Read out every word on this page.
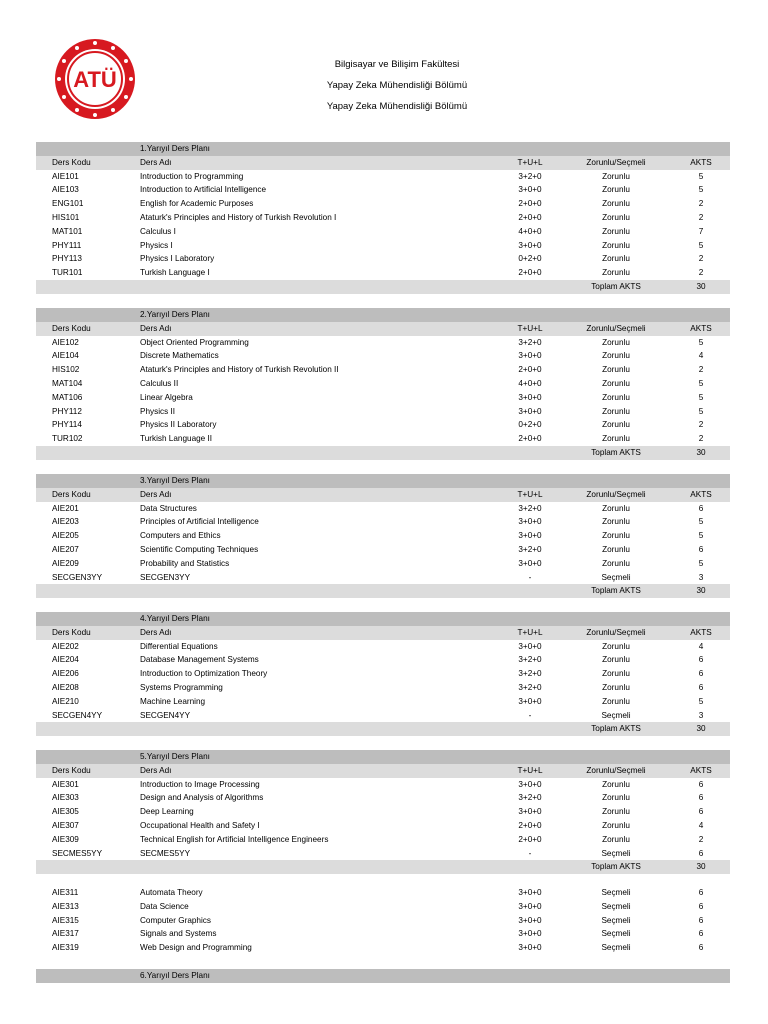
ATÜ
Bilgisayar ve Bilişim Fakültesi
Yapay Zeka Mühendisliği Bölümü
Yapay Zeka Mühendisliği Bölümü
1.Yarıyıl Ders Planı
Ders Kodu	Ders Adı	T+U+L	Zorunlu/Seçmeli	AKTS
AIE101	Introduction to Programming	3+2+0	Zorunlu	5
AIE103	Introduction to Artificial Intelligence	3+0+0	Zorunlu	5
ENG101	English for Academic Purposes	2+0+0	Zorunlu	2
HIS101	Ataturk's Principles and History of Turkish Revolution I	2+0+0	Zorunlu	2
MAT101	Calculus I	4+0+0	Zorunlu	7
PHY111	Physics I	3+0+0	Zorunlu	5
PHY113	Physics I Laboratory	0+2+0	Zorunlu	2
TUR101	Turkish Language I	2+0+0	Zorunlu	2
Toplam AKTS	30
2.Yarıyıl Ders Planı
Ders Kodu	Ders Adı	T+U+L	Zorunlu/Seçmeli	AKTS
AIE102	Object Oriented Programming	3+2+0	Zorunlu	5
AIE104	Discrete Mathematics	3+0+0	Zorunlu	4
HIS102	Ataturk's Principles and History of Turkish Revolution II	2+0+0	Zorunlu	2
MAT104	Calculus II	4+0+0	Zorunlu	5
MAT106	Linear Algebra	3+0+0	Zorunlu	5
PHY112	Physics II	3+0+0	Zorunlu	5
PHY114	Physics II Laboratory	0+2+0	Zorunlu	2
TUR102	Turkish Language II	2+0+0	Zorunlu	2
Toplam AKTS	30
3.Yarıyıl Ders Planı
Ders Kodu	Ders Adı	T+U+L	Zorunlu/Seçmeli	AKTS
AIE201	Data Structures	3+2+0	Zorunlu	6
AIE203	Principles of Artificial Intelligence	3+0+0	Zorunlu	5
AIE205	Computers and Ethics	3+0+0	Zorunlu	5
AIE207	Scientific Computing Techniques	3+2+0	Zorunlu	6
AIE209	Probability and Statistics	3+0+0	Zorunlu	5
SECGEN3YY	SECGEN3YY	-	Seçmeli	3
Toplam AKTS	30
4.Yarıyıl Ders Planı
Ders Kodu	Ders Adı	T+U+L	Zorunlu/Seçmeli	AKTS
AIE202	Differential Equations	3+0+0	Zorunlu	4
AIE204	Database Management Systems	3+2+0	Zorunlu	6
AIE206	Introduction to Optimization Theory	3+2+0	Zorunlu	6
AIE208	Systems Programming	3+2+0	Zorunlu	6
AIE210	Machine Learning	3+0+0	Zorunlu	5
SECGEN4YY	SECGEN4YY	-	Seçmeli	3
Toplam AKTS	30
5.Yarıyıl Ders Planı
Ders Kodu	Ders Adı	T+U+L	Zorunlu/Seçmeli	AKTS
AIE301	Introduction to Image Processing	3+0+0	Zorunlu	6
AIE303	Design and Analysis of Algorithms	3+2+0	Zorunlu	6
AIE305	Deep Learning	3+0+0	Zorunlu	6
AIE307	Occupational Health and Safety I	2+0+0	Zorunlu	4
AIE309	Technical English for Artificial Intelligence Engineers	2+0+0	Zorunlu	2
SECMES5YY	SECMES5YY	-	Seçmeli	6
Toplam AKTS	30
AIE311	Automata Theory	3+0+0	Seçmeli	6
AIE313	Data Science	3+0+0	Seçmeli	6
AIE315	Computer Graphics	3+0+0	Seçmeli	6
AIE317	Signals and Systems	3+0+0	Seçmeli	6
AIE319	Web Design and Programming	3+0+0	Seçmeli	6
6.Yarıyıl Ders Planı
